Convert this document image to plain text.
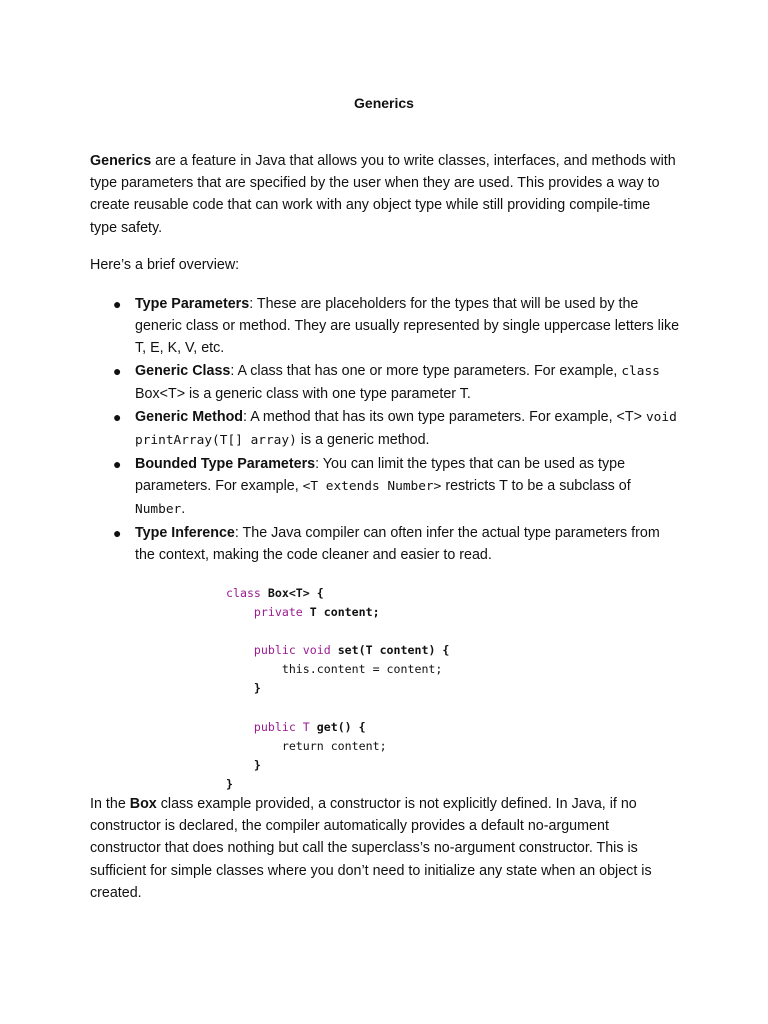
Generics

Generics are a feature in Java that allows you to write classes, interfaces, and methods with type parameters that are specified by the user when they are used. This provides a way to create reusable code that can work with any object type while still providing compile-time type safety.

Here’s a brief overview:

● Type Parameters: These are placeholders for the types that will be used by the generic class or method. They are usually represented by single uppercase letters like T, E, K, V, etc.
● Generic Class: A class that has one or more type parameters. For example, class Box<T> is a generic class with one type parameter T.
● Generic Method: A method that has its own type parameters. For example, <T> void printArray(T[] array) is a generic method.
● Bounded Type Parameters: You can limit the types that can be used as type parameters. For example, <T extends Number> restricts T to be a subclass of Number.
● Type Inference: The Java compiler can often infer the actual type parameters from the context, making the code cleaner and easier to read.
class Box<T> {
private T content;

public void set(T content) {
this.content = content;
}

public T get() {
return content;
}
}

In the Box class example provided, a constructor is not explicitly defined. In Java, if no constructor is declared, the compiler automatically provides a default no-argument constructor that does nothing but call the superclass’s no-argument constructor. This is sufficient for simple classes where you don’t need to initialize any state when an object is created.
